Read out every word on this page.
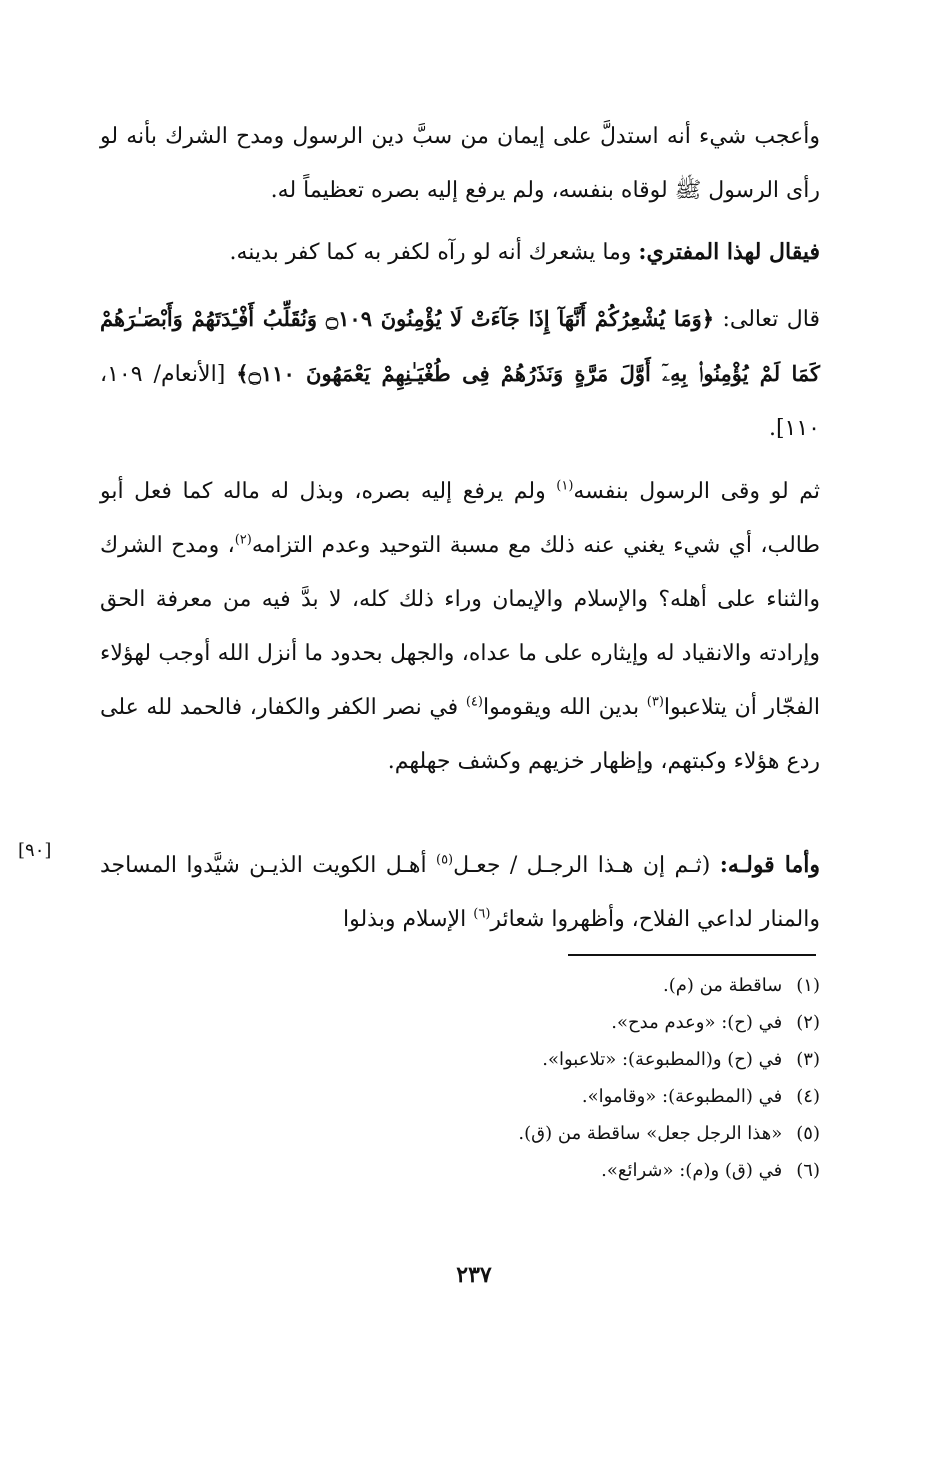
وأعجب شيء أنه استدلَّ على إيمان من سبَّ دين الرسول ومدح الشرك بأنه لو رأى الرسول ﷺ لوقاه بنفسه، ولم يرفع إليه بصره تعظيماً له.
فيقال لهذا المفتري: وما يشعرك أنه لو رآه لكفر به كما كفر بدينه.
قال تعالى: ﴿وَمَا يُشْعِرُكُمْ أَنَّهَآ إِذَا جَآءَتْ لَا يُؤْمِنُونَ ۝١٠٩ وَنُقَلِّبُ أَفْـِٔدَتَهُمْ وَأَبْصَـٰرَهُمْ كَمَا لَمْ يُؤْمِنُوا۟ بِهِۦٓ أَوَّلَ مَرَّةٍ وَنَذَرُهُمْ فِى طُغْيَـٰنِهِمْ يَعْمَهُونَ ۝١١٠﴾ [الأنعام/ ١٠٩، ١١٠].
ثم لو وقى الرسول بنفسه$^{(١)}$ ولم يرفع إليه بصره، وبذل له ماله كما فعل أبو طالب، أي شيء يغني عنه ذلك مع مسبة التوحيد وعدم التزامه$^{(٢)}$، ومدح الشرك والثناء على أهله؟ والإسلام والإيمان وراء ذلك كله، لا بدَّ فيه من معرفة الحق وإرادته والانقياد له وإيثاره على ما عداه، والجهل بحدود ما أنزل الله أوجب لهؤلاء الفجّار أن يتلاعبوا$^{(٣)}$ بدين الله ويقوموا$^{(٤)}$ في نصر الكفر والكفار، فالحمد لله على ردع هؤلاء وكبتهم، وإظهار خزيهم وكشف جهلهم.
وأما قولـه: (ثـم إن هـذا الرجـل / جعـل$^{(٥)}$ أهـل الكويت الذيـن شيَّدوا المساجد والمنار لداعي الفلاح، وأظهروا شعائر$^{(٦)}$ الإسلام وبذلوا
[٩٠]
(١)ساقطة من (م).
(٢)في (ح): «وعدم مدح».
(٣)في (ح) و(المطبوعة): «تلاعبوا».
(٤)في (المطبوعة): «وقاموا».
(٥)«هذا الرجل جعل» ساقطة من (ق).
(٦)في (ق) و(م): «شرائع».
٢٣٧
